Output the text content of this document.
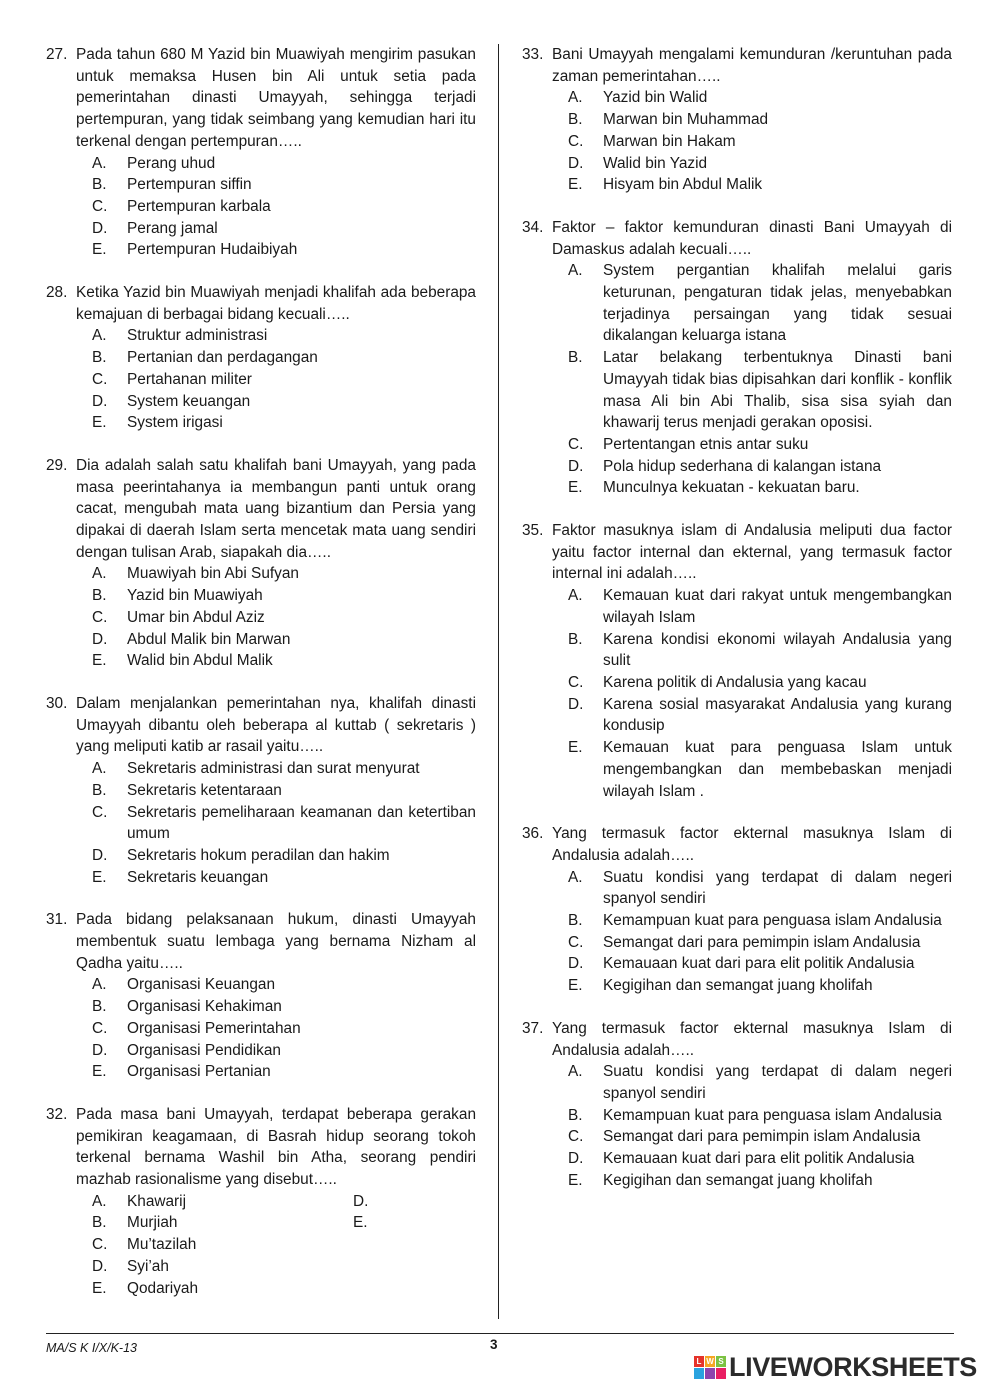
27. Pada tahun 680 M Yazid bin Muawiyah mengirim pasukan untuk memaksa Husen bin Ali untuk setia pada pemerintahan dinasti Umayyah, sehingga terjadi pertempuran, yang tidak seimbang yang kemudian hari itu terkenal dengan pertempuran…..
A.	Perang uhud
B.	Pertempuran siffin
C.	Pertempuran karbala
D.	Perang jamal
E.	Pertempuran Hudaibiyah
28. Ketika Yazid bin Muawiyah menjadi khalifah ada beberapa kemajuan di berbagai bidang kecuali…..
A.	Struktur administrasi
B.	Pertanian dan perdagangan
C.	Pertahanan militer
D.	System keuangan
E.	System irigasi
29. Dia adalah salah satu khalifah bani Umayyah, yang pada masa peerintahanya ia membangun panti untuk orang cacat, mengubah mata uang bizantium dan Persia yang dipakai di daerah Islam serta mencetak mata uang sendiri dengan tulisan Arab, siapakah dia…..
A.	Muawiyah bin Abi Sufyan
B.	Yazid bin Muawiyah
C.	Umar bin Abdul Aziz
D.	Abdul Malik bin Marwan
E.	Walid bin Abdul Malik
30. Dalam menjalankan pemerintahan nya, khalifah dinasti Umayyah dibantu oleh beberapa al kuttab ( sekretaris ) yang meliputi katib ar rasail yaitu…..
A.	Sekretaris administrasi dan surat menyurat
B.	Sekretaris ketentaraan
C.	Sekretaris pemeliharaan keamanan dan ketertiban umum
D.	Sekretaris hokum peradilan dan hakim
E.	Sekretaris keuangan
31. Pada bidang pelaksanaan hukum, dinasti Umayyah membentuk suatu lembaga yang bernama Nizham al Qadha yaitu…..
A.	Organisasi Keuangan
B.	Organisasi Kehakiman
C.	Organisasi Pemerintahan
D.	Organisasi Pendidikan
E.	Organisasi Pertanian
32. Pada masa bani Umayyah, terdapat beberapa gerakan pemikiran keagamaan, di Basrah hidup seorang tokoh terkenal bernama Washil bin Atha, seorang pendiri mazhab rasionalisme yang disebut…..
A.	Khawarij	D.
B.	Murjiah	E.
C.	Mu’tazilah
D.	Syi’ah
E.	Qodariyah
33. Bani Umayyah mengalami kemunduran /keruntuhan pada zaman pemerintahan…..
A.	Yazid bin Walid
B.	Marwan bin Muhammad
C.	Marwan bin Hakam
D.	Walid bin Yazid
E.	Hisyam bin Abdul Malik
34. Faktor – faktor kemunduran dinasti Bani Umayyah di Damaskus adalah kecuali…..
A.	System pergantian khalifah melalui garis keturunan, pengaturan tidak jelas, menyebabkan terjadinya persaingan yang tidak sesuai dikalangan keluarga istana
B.	Latar belakang terbentuknya Dinasti bani Umayyah tidak bias dipisahkan dari konflik - konflik masa Ali bin Abi Thalib, sisa sisa syiah dan khawarij terus menjadi gerakan oposisi.
C.	Pertentangan etnis antar suku
D.	Pola hidup sederhana di kalangan istana
E.	Munculnya kekuatan - kekuatan baru.
35. Faktor masuknya islam di Andalusia meliputi dua factor yaitu factor internal dan ekternal, yang termasuk factor internal ini adalah…..
A.	Kemauan kuat dari rakyat untuk mengembangkan wilayah Islam
B.	Karena kondisi ekonomi wilayah Andalusia yang sulit
C.	Karena politik di Andalusia yang kacau
D.	Karena sosial masyarakat Andalusia yang kurang kondusip
E.	Kemauan kuat para penguasa Islam untuk mengembangkan dan membebaskan menjadi wilayah Islam .
36. Yang termasuk factor ekternal masuknya Islam di Andalusia adalah…..
A.	Suatu kondisi yang terdapat di dalam negeri spanyol sendiri
B.	Kemampuan kuat para penguasa islam Andalusia
C.	Semangat dari para pemimpin islam Andalusia
D.	Kemauaan kuat dari para elit politik Andalusia
E.	Kegigihan dan semangat juang kholifah
37. Yang termasuk factor ekternal masuknya Islam di Andalusia adalah…..
A.	Suatu kondisi yang terdapat di dalam negeri spanyol sendiri
B.	Kemampuan kuat para penguasa islam Andalusia
C.	Semangat dari para pemimpin islam Andalusia
D.	Kemauaan kuat dari para elit politik Andalusia
E.	Kegigihan dan semangat juang kholifah
MA/S K I/X/K-13	3
L W S LIVEWORKSHEETS
